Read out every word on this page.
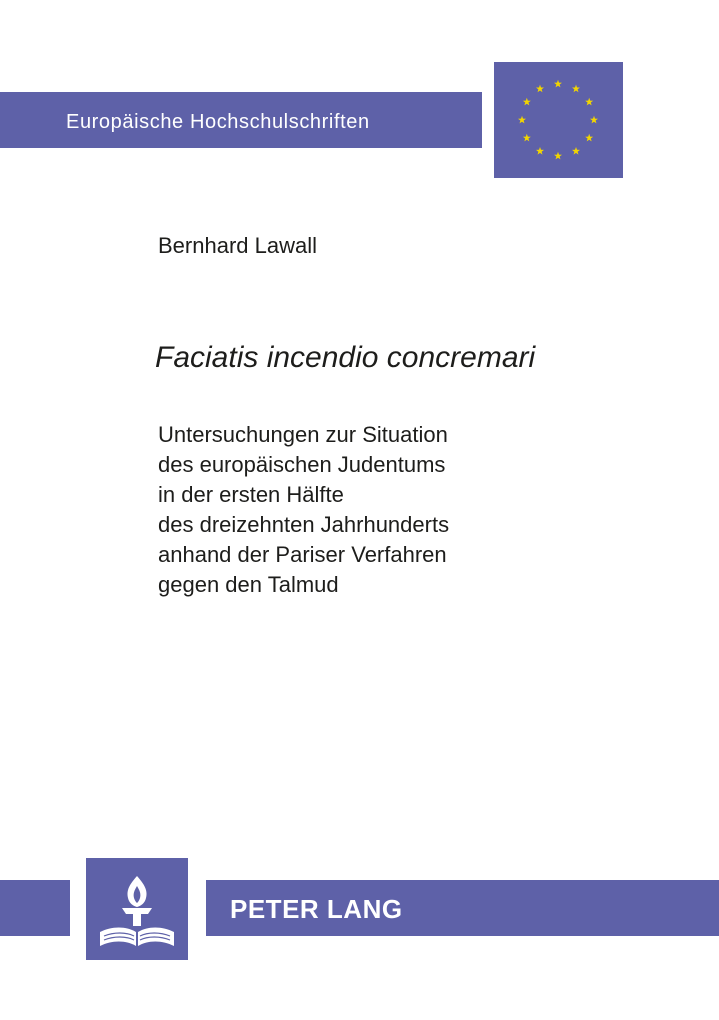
Europäische Hochschulschriften
Bernhard Lawall
Faciatis incendio concremari
Untersuchungen zur Situation
des europäischen Judentums
in der ersten Hälfte
des dreizehnten Jahrhunderts
anhand der Pariser Verfahren
gegen den Talmud
PETER LANG
